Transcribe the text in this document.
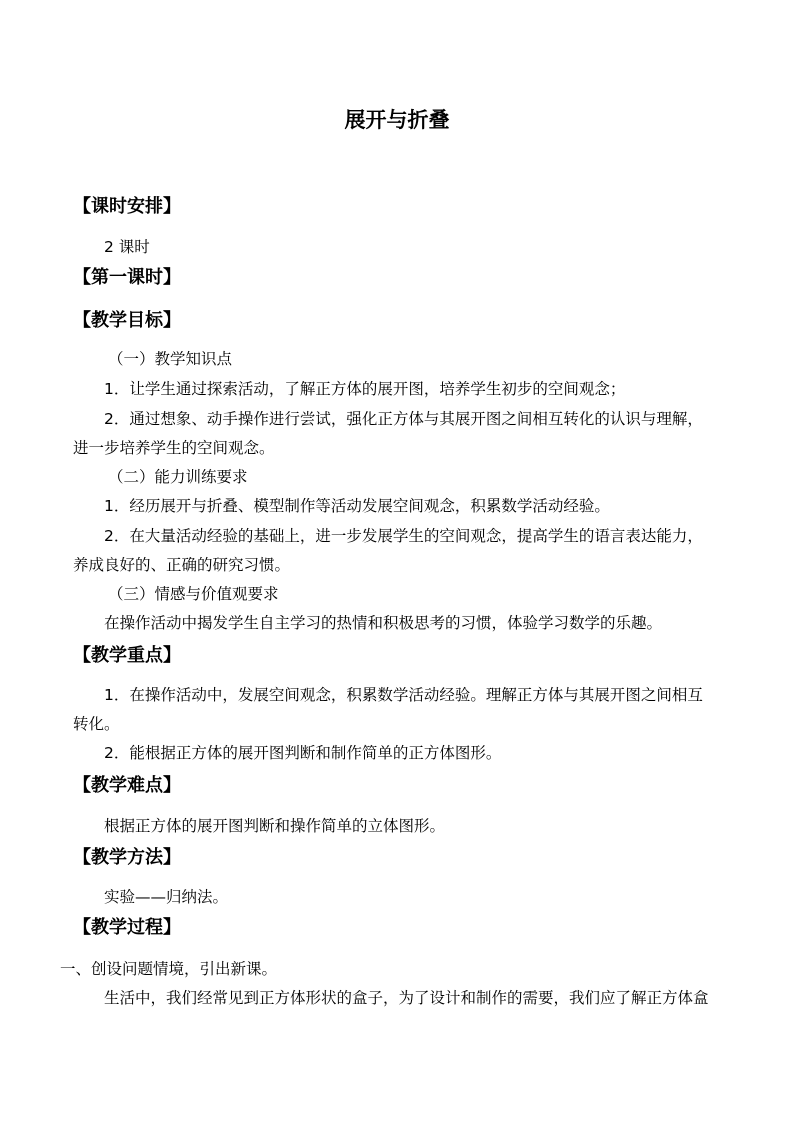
展开与折叠
【课时安排】
2 课时
【第一课时】
【教学目标】
（一）教学知识点
1．让学生通过探索活动，了解正方体的展开图，培养学生初步的空间观念；
2．通过想象、动手操作进行尝试，强化正方体与其展开图之间相互转化的认识与理解，
进一步培养学生的空间观念。
（二）能力训练要求
1．经历展开与折叠、模型制作等活动发展空间观念，积累数学活动经验。
2．在大量活动经验的基础上，进一步发展学生的空间观念，提高学生的语言表达能力，
养成良好的、正确的研究习惯。
（三）情感与价值观要求
在操作活动中揭发学生自主学习的热情和积极思考的习惯，体验学习数学的乐趣。
【教学重点】
1．在操作活动中，发展空间观念，积累数学活动经验。理解正方体与其展开图之间相互
转化。
2．能根据正方体的展开图判断和制作简单的正方体图形。
【教学难点】
根据正方体的展开图判断和操作简单的立体图形。
【教学方法】
实验——归纳法。
【教学过程】
一、创设问题情境，引出新课。
生活中，我们经常见到正方体形状的盒子，为了设计和制作的需要，我们应了解正方体盒
